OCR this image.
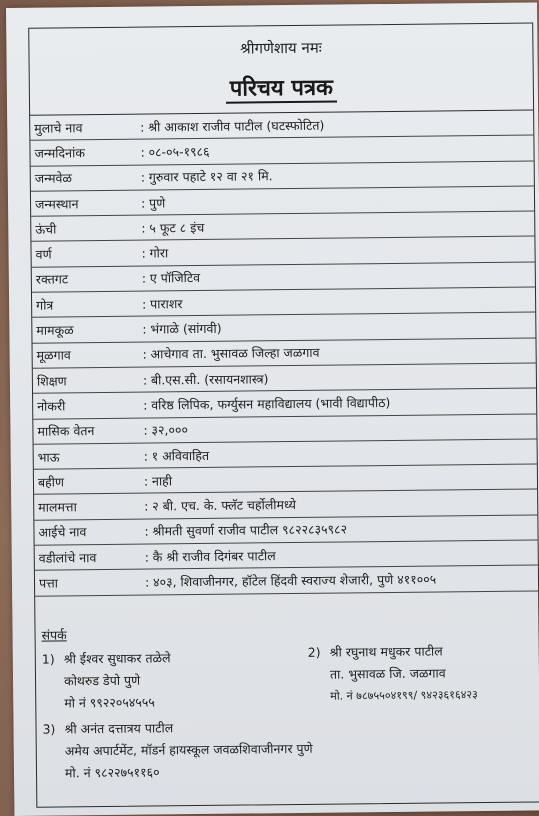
श्रीगणेशाय नमः
परिचय पत्रक
मुलाचे नाव	: श्री आकाश राजीव पाटील (घटस्फोटित)
जन्मदिनांक	: ०८-०५-१९८६
जन्मवेळ	: गुरुवार पहाटे १२ वा २१ मि.
जन्मस्थान	: पुणे
ऊंची	: ५ फूट ८ इंच
वर्ण	: गोरा
रक्तगट	: ए पॉजिटिव
गोत्र	: पाराशर
मामकूळ	: भंगाळे (सांगवी)
मूळगाव	: आचेगाव ता. भुसावळ जिल्हा जळगाव
शिक्षण	: बी.एस.सी. (रसायनशास्त्र)
नोकरी	: वरिष्ठ लिपिक, फर्ग्युसन महाविद्यालय (भावी विद्यापीठ)
मासिक वेतन	: ३२,०००
भाऊ	: १ अविवाहित
बहीण	: नाही
मालमत्ता	: २ बी. एच. के. फ्लॅट चर्होलीमध्ये
आईचे नाव	: श्रीमती सुवर्णा राजीव पाटील ९८२२८३५९८२
वडीलांचे नाव	: कै श्री राजीव दिगंबर पाटील
पत्ता	: ४०३, शिवाजीनगर, हॉटेल हिंदवी स्वराज्य शेजारी, पुणे ४११००५
संपर्क
1) श्री ईश्वर सुधाकर तळेले
कोथरुड डेपो पुणे
मो नं ९९२२०५४५५५
2) श्री रघुनाथ मधुकर पाटील
ता. भुसावळ जि. जळगाव
मो. नं ७८७५५०४१९९/ ९४२३६१६४२३
3) श्री अनंत दत्तात्रय पाटील
अमेय अपार्टमेंट, मॉडर्न हायस्कूल जवळशिवाजीनगर पुणे
मो. नं ९८२२७५११६०
